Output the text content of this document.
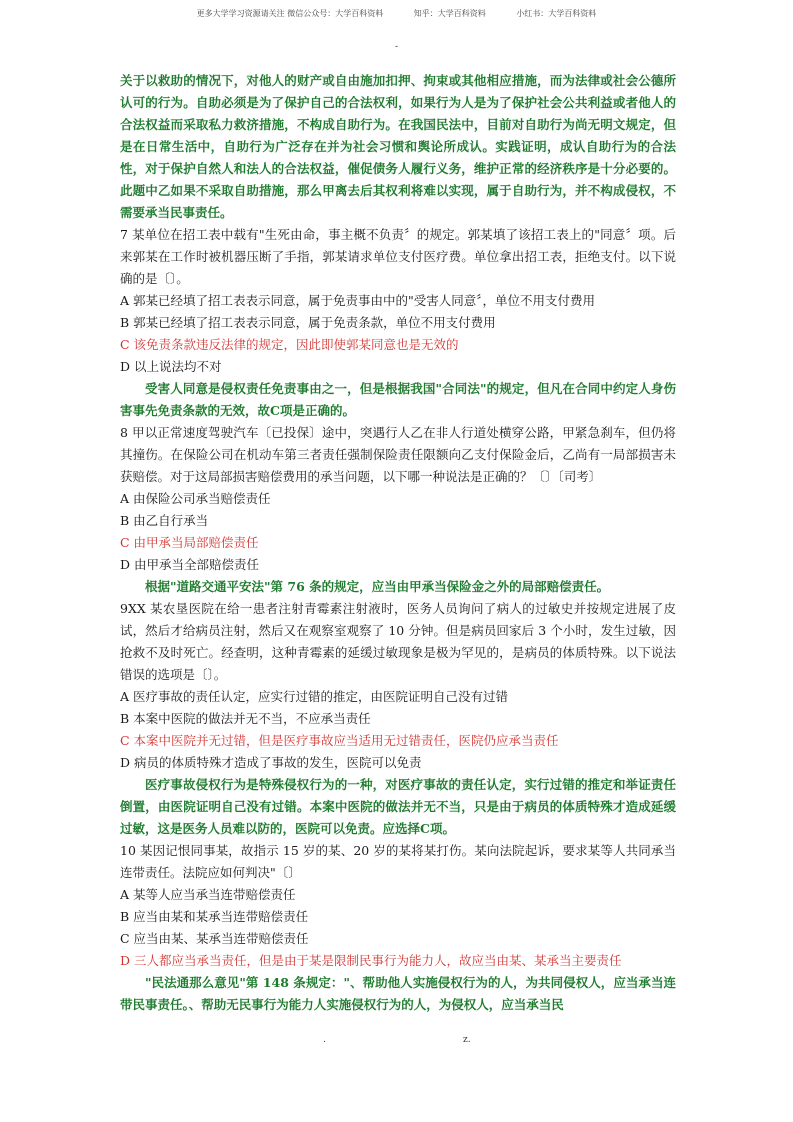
更多大学学习资源请关注 微信公众号：大学百科资料	知乎：大学百科资料	小红书：大学百科资料
-

关于以救助的情况下，对他人的财产或自由施加扣押、拘束或其他相应措施，而为法律或社会公德所认可的行为。自助必须是为了保护自己的合法权利，如果行为人是为了保护社会公共利益或者他人的合法权益而采取私力救济措施，不构成自助行为。在我国民法中，目前对自助行为尚无明文规定，但是在日常生活中，自助行为广泛存在并为社会习惯和舆论所成认。实践证明，成认自助行为的合法性，对于保护自然人和法人的合法权益，催促债务人履行义务，维护正常的经济秩序是十分必要的。此题中乙如果不采取自助措施，那么甲离去后其权利将难以实现，属于自助行为，并不构成侵权，不需要承当民事责任。

7 某单位在招工表中载有"生死由命，事主概不负责〞的规定。郭某填了该招工表上的"同意〞项。后来郭某在工作时被机器压断了手指，郭某请求单位支付医疗费。单位拿出招工表，拒绝支付。以下说确的是〔〕。

A 郭某已经填了招工表表示同意，属于免责事由中的"受害人同意〞，单位不用支付费用

B 郭某已经填了招工表表示同意，属于免责条款，单位不用支付费用

C 该免责条款违反法律的规定，因此即使郭某同意也是无效的

D 以上说法均不对

受害人同意是侵权责任免责事由之一，但是根据我国"合同法"的规定，但凡在合同中约定人身伤害事先免责条款的无效，故C项是正确的。

8 甲以正常速度驾驶汽车〔已投保〕途中，突遇行人乙在非人行道处横穿公路，甲紧急刹车，但仍将其撞伤。在保险公司在机动车第三者责任强制保险责任限额向乙支付保险金后，乙尚有一局部损害未获赔偿。对于这局部损害赔偿费用的承当问题，以下哪一种说法是正确的？〔〕〔司考〕

A 由保险公司承当赔偿责任

B 由乙自行承当

C 由甲承当局部赔偿责任

D 由甲承当全部赔偿责任

根据"道路交通平安法"第 76 条的规定，应当由甲承当保险金之外的局部赔偿责任。

9XX 某农垦医院在给一患者注射青霉素注射液时，医务人员询问了病人的过敏史并按规定进展了皮试，然后才给病员注射，然后又在观察室观察了 10 分钟。但是病员回家后 3 个小时，发生过敏，因抢救不及时死亡。经查明，这种青霉素的延缓过敏现象是极为罕见的，是病员的体质特殊。以下说法错误的选项是〔〕。

A 医疗事故的责任认定，应实行过错的推定，由医院证明自己没有过错

B 本案中医院的做法并无不当，不应承当责任

C 本案中医院并无过错，但是医疗事故应当适用无过错责任，医院仍应承当责任

D 病员的体质特殊才造成了事故的发生，医院可以免责

医疗事故侵权行为是特殊侵权行为的一种，对医疗事故的责任认定，实行过错的推定和举证责任倒置，由医院证明自己没有过错。本案中医院的做法并无不当，只是由于病员的体质特殊才造成延缓过敏，这是医务人员难以防的，医院可以免责。应选择C项。

10 某因记恨同事某，故指示 15 岁的某、20 岁的某将某打伤。某向法院起诉，要求某等人共同承当连带责任。法院应如何判决"〔〕

A 某等人应当承当连带赔偿责任

B 应当由某和某承当连带赔偿责任

C 应当由某、某承当连带赔偿责任

D 三人都应当承当责任，但是由于某是限制民事行为能力人，故应当由某、某承当主要责任

"民法通那么意见"第 148 条规定："、帮助他人实施侵权行为的人，为共同侵权人，应当承当连带民事责任。、帮助无民事行为能力人实施侵权行为的人，为侵权人，应当承当民

.	z.
